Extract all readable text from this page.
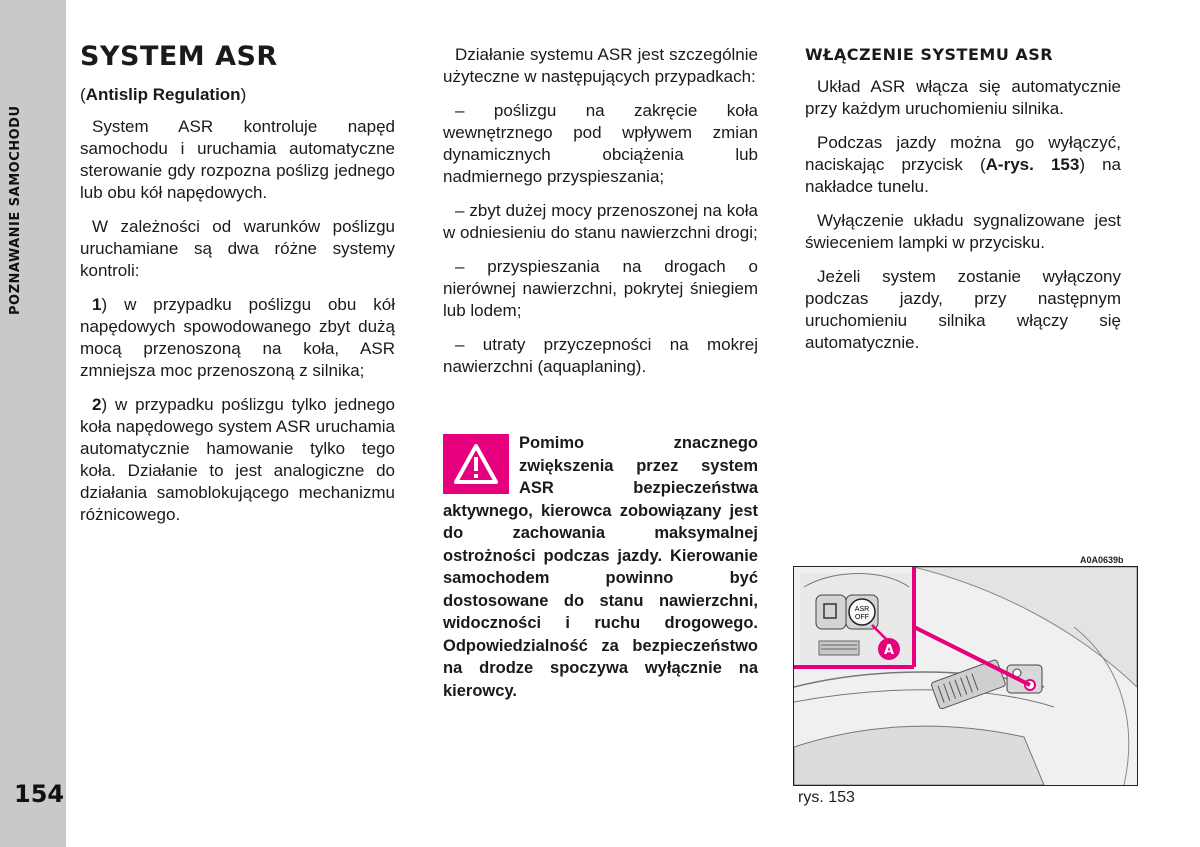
POZNAWANIE SAMOCHODU
154
SYSTEM ASR
(Antislip Regulation)

System ASR kontroluje napęd samochodu i uruchamia automatyczne sterowanie gdy rozpozna poślizg jednego lub obu kół napędowych.

W zależności od warunków poślizgu uruchamiane są dwa różne systemy kontroli:

1) w przypadku poślizgu obu kół napędowych spowodowanego zbyt dużą mocą przenoszoną na koła, ASR zmniejsza moc przenoszoną z silnika;

2) w przypadku poślizgu tylko jednego koła napędowego system ASR uruchamia automatycznie hamowanie tylko tego koła. Działanie to jest analogiczne do działania samoblokującego mechanizmu różnicowego.

Działanie systemu ASR jest szczególnie użyteczne w następujących przypadkach:

– poślizgu na zakręcie koła wewnętrznego pod wpływem zmian dynamicznych obciążenia lub nadmiernego przyspieszania;

– zbyt dużej mocy przenoszonej na koła w odniesieniu do stanu nawierzchni drogi;

– przyspieszania na drogach o nierównej nawierzchni, pokrytej śniegiem lub lodem;

– utraty przyczepności na mokrej nawierzchni (aquaplaning).

Pomimo znacznego zwiększenia przez system ASR bezpieczeństwa aktywnego, kierowca zobowiązany jest do zachowania maksymalnej ostrożności podczas jazdy. Kierowanie samochodem powinno być dostosowane do stanu nawierzchni, widoczności i ruchu drogowego. Odpowiedzialność za bezpieczeństwo na drodze spoczywa wyłącznie na kierowcy.
WŁĄCZENIE SYSTEMU ASR

Układ ASR włącza się automatycznie przy każdym uruchomieniu silnika.

Podczas jazdy można go wyłączyć, naciskając przycisk (A-rys. 153) na nakładce tunelu.

Wyłączenie układu sygnalizowane jest świeceniem lampki w przycisku.

Jeżeli system zostanie wyłączony podczas jazdy, przy następnym uruchomieniu silnika włączy się automatycznie.

A0A0639b
ASR
OFF
A
rys. 153
